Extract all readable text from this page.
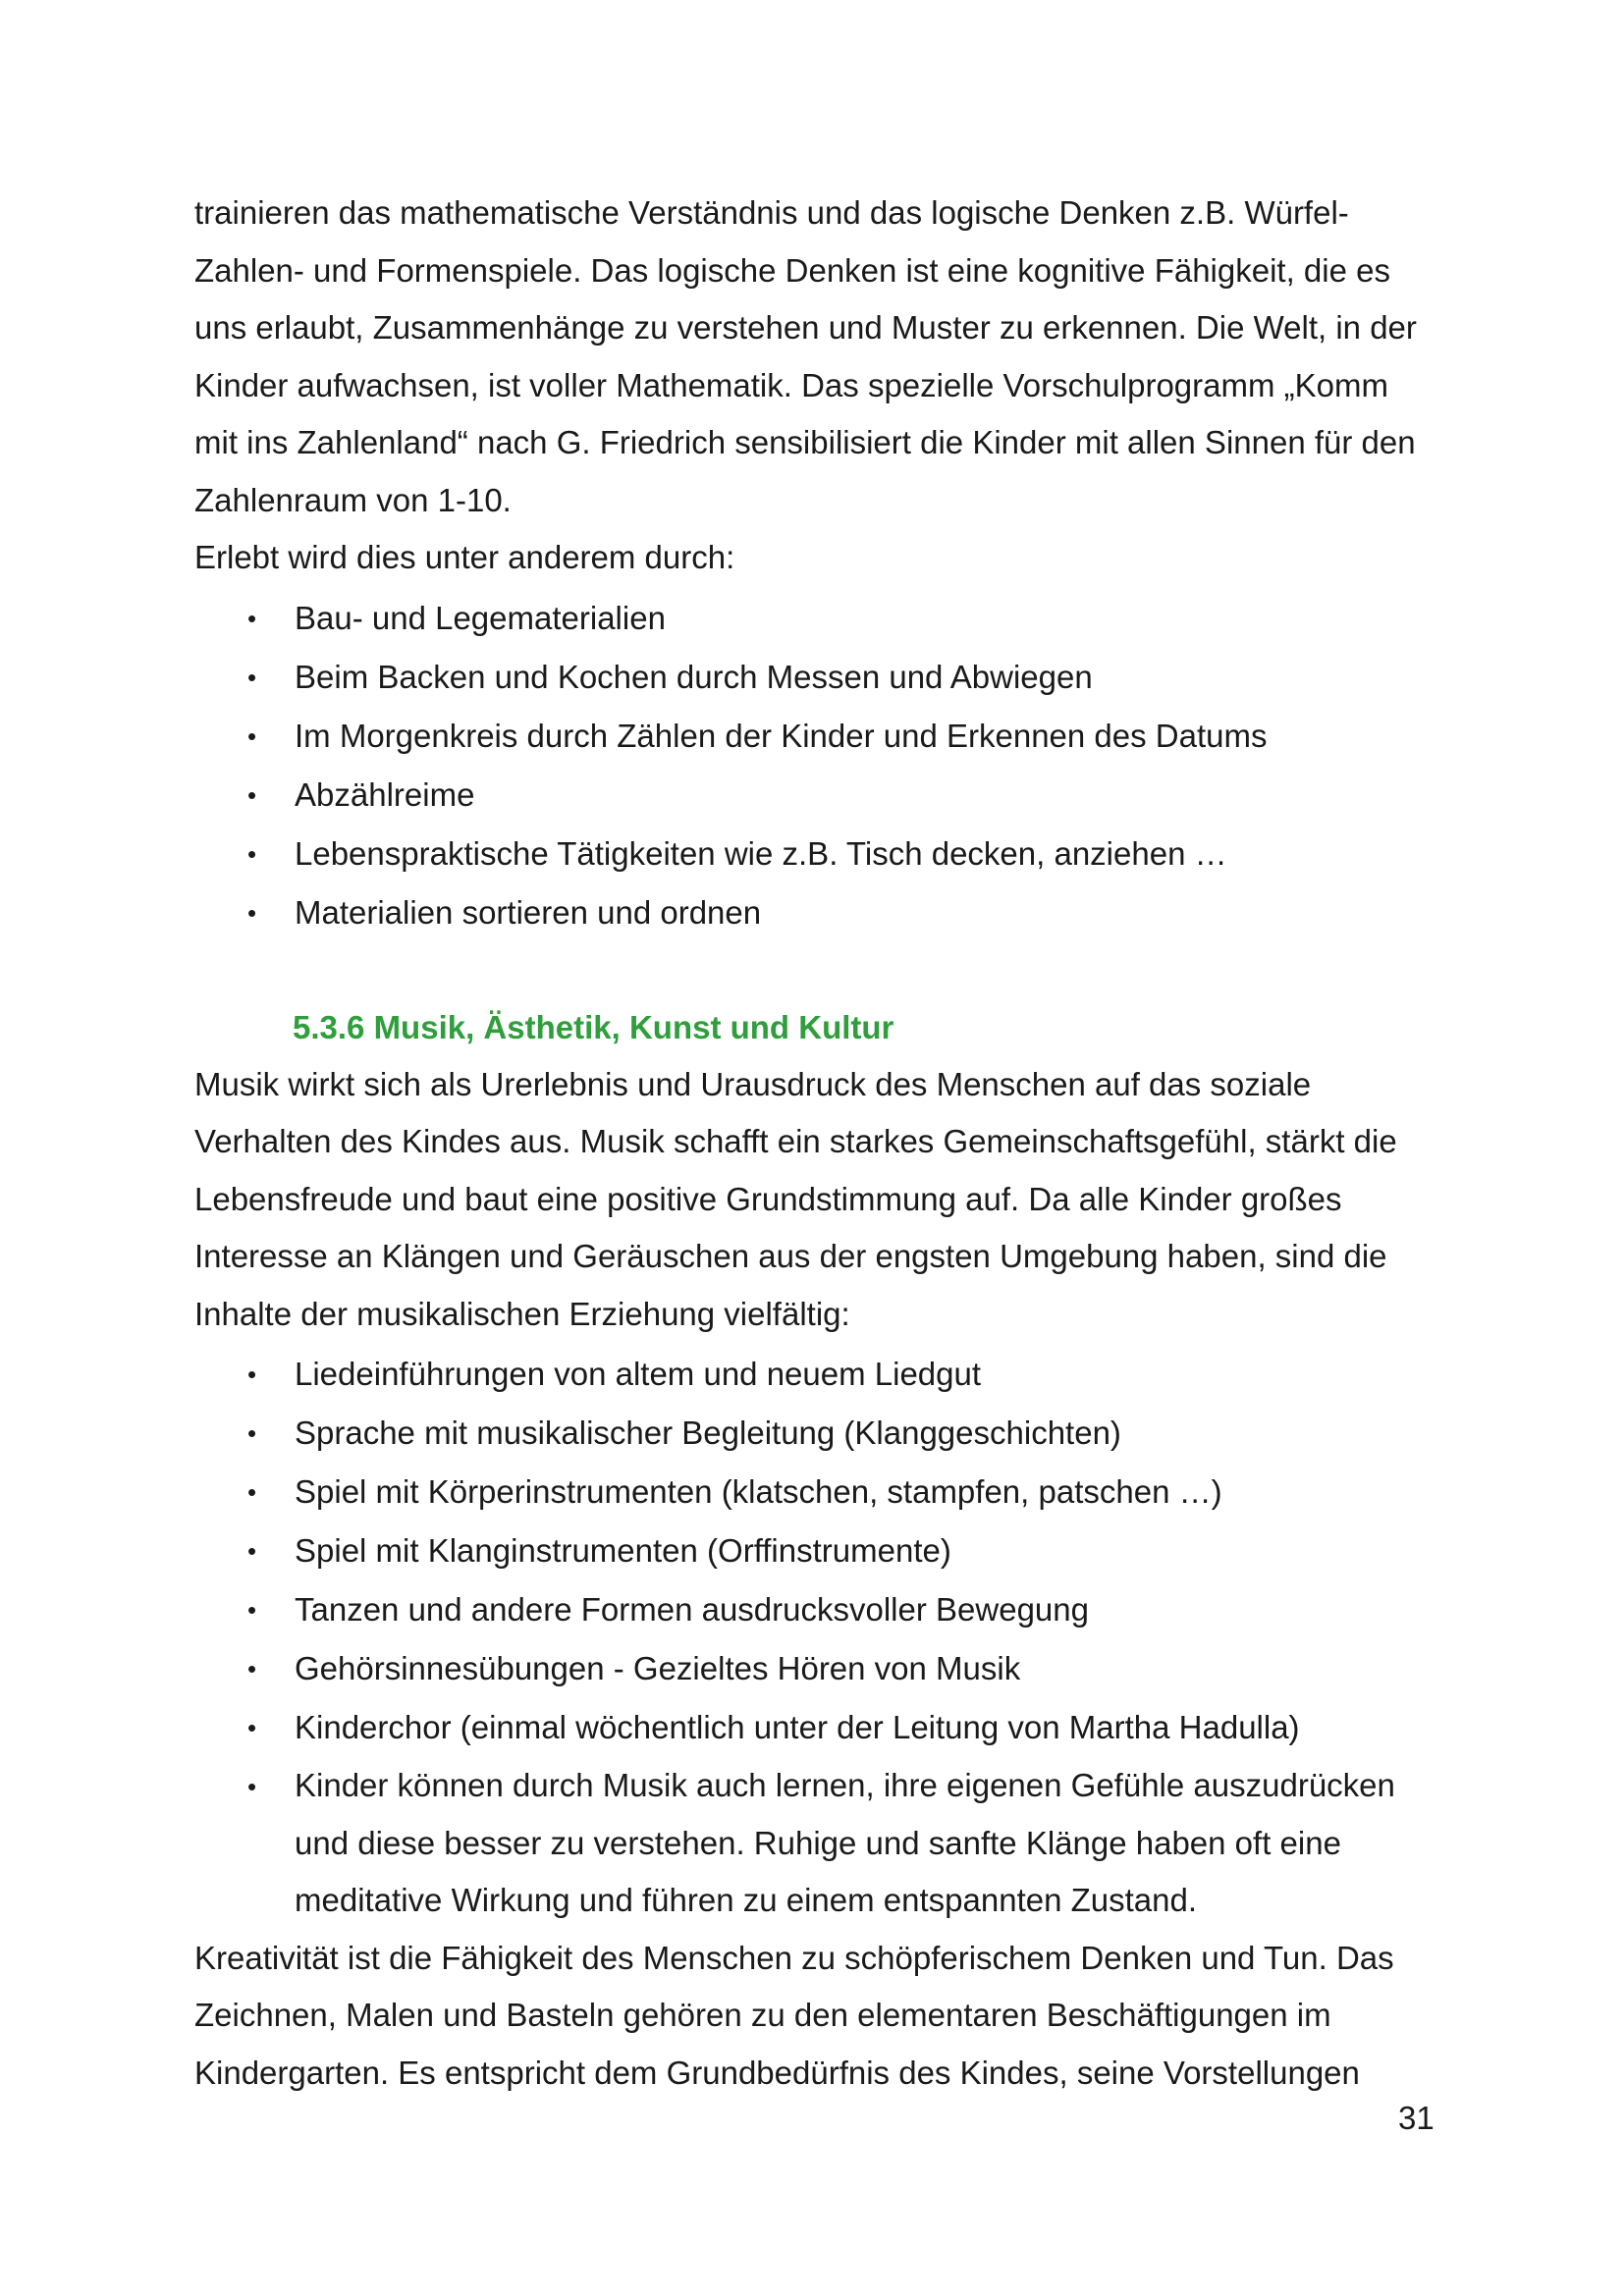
trainieren das mathematische Verständnis und das logische Denken z.B. Würfel-
Zahlen- und Formenspiele. Das logische Denken ist eine kognitive Fähigkeit, die es
uns erlaubt, Zusammenhänge zu verstehen und Muster zu erkennen. Die Welt, in der
Kinder aufwachsen, ist voller Mathematik. Das spezielle Vorschulprogramm „Komm
mit ins Zahlenland“ nach G. Friedrich sensibilisiert die Kinder mit allen Sinnen für den
Zahlenraum von 1-10.

Erlebt wird dies unter anderem durch:

• Bau- und Legematerialien
• Beim Backen und Kochen durch Messen und Abwiegen
• Im Morgenkreis durch Zählen der Kinder und Erkennen des Datums
• Abzählreime
• Lebenspraktische Tätigkeiten wie z.B. Tisch decken, anziehen …
• Materialien sortieren und ordnen
5.3.6 Musik, Ästhetik, Kunst und Kultur

Musik wirkt sich als Urerlebnis und Urausdruck des Menschen auf das soziale
Verhalten des Kindes aus. Musik schafft ein starkes Gemeinschaftsgefühl, stärkt die
Lebensfreude und baut eine positive Grundstimmung auf. Da alle Kinder großes
Interesse an Klängen und Geräuschen aus der engsten Umgebung haben, sind die
Inhalte der musikalischen Erziehung vielfältig:

• Liedeinführungen von altem und neuem Liedgut
• Sprache mit musikalischer Begleitung (Klanggeschichten)
• Spiel mit Körperinstrumenten (klatschen, stampfen, patschen …)
• Spiel mit Klanginstrumenten (Orffinstrumente)
• Tanzen und andere Formen ausdrucksvoller Bewegung
• Gehörsinnesübungen - Gezieltes Hören von Musik
• Kinderchor (einmal wöchentlich unter der Leitung von Martha Hadulla)
• Kinder können durch Musik auch lernen, ihre eigenen Gefühle auszudrücken
und diese besser zu verstehen. Ruhige und sanfte Klänge haben oft eine
meditative Wirkung und führen zu einem entspannten Zustand.

Kreativität ist die Fähigkeit des Menschen zu schöpferischem Denken und Tun. Das
Zeichnen, Malen und Basteln gehören zu den elementaren Beschäftigungen im
Kindergarten. Es entspricht dem Grundbedürfnis des Kindes, seine Vorstellungen

31
